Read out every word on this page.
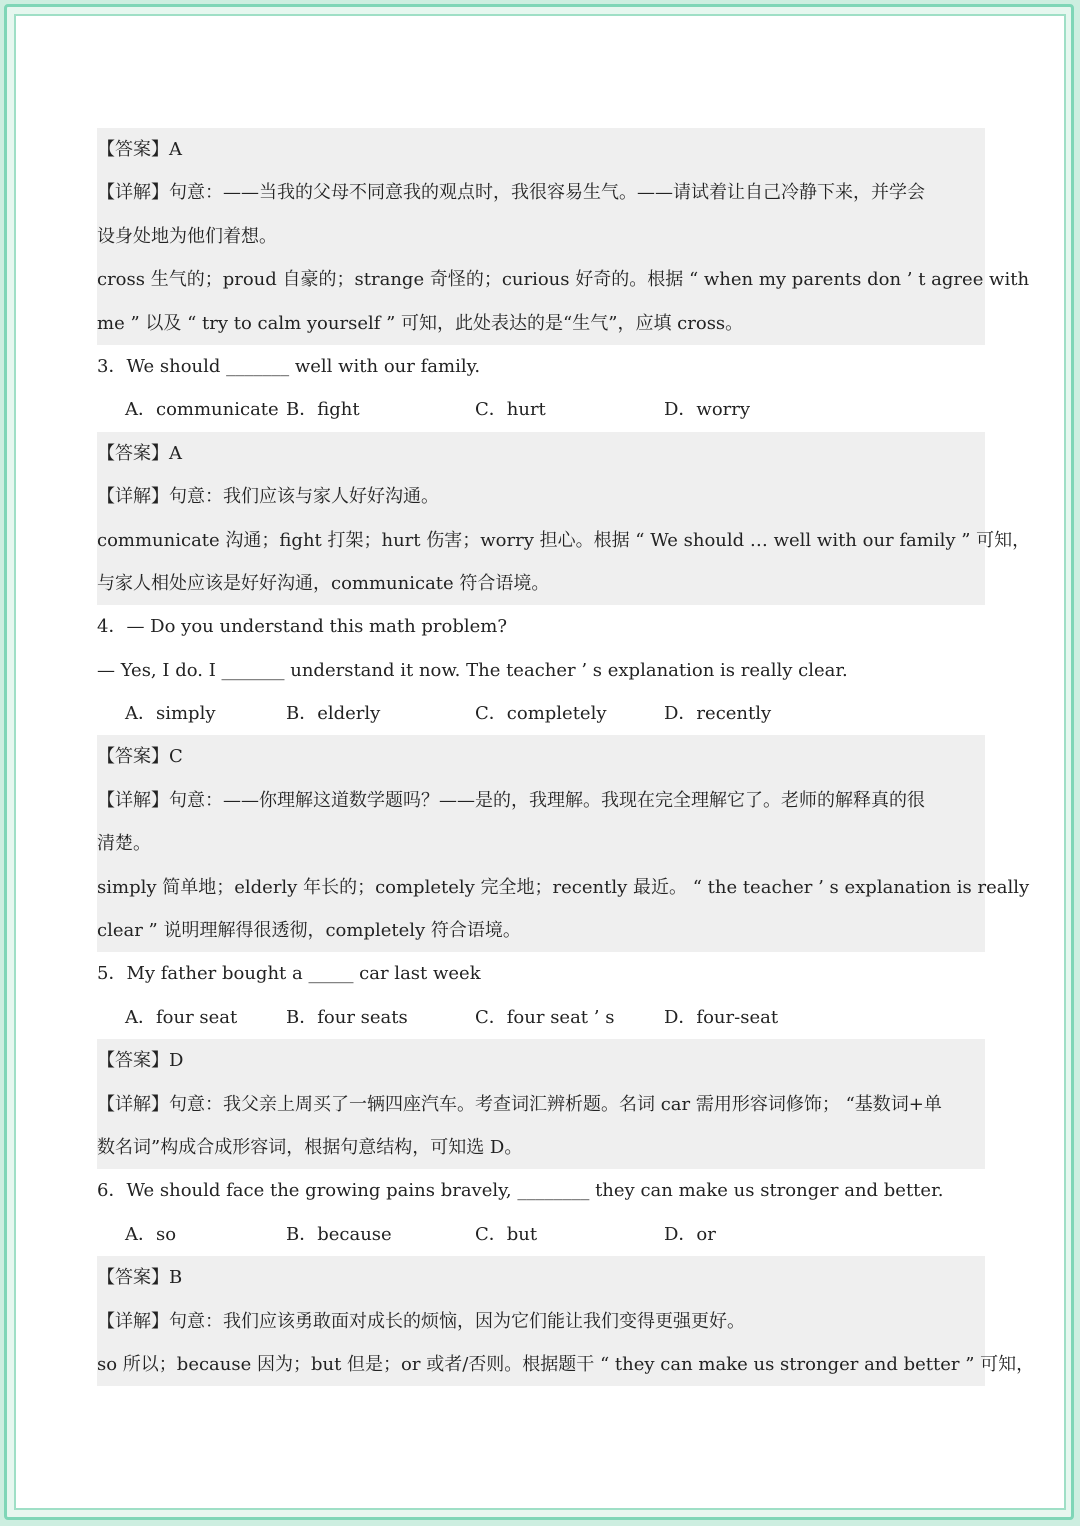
【答案】A
【详解】句意：——当我的父母不同意我的观点时，我很容易生气。——请试着让自己冷静下来，并学会
设身处地为他们着想。
cross 生气的；proud 自豪的；strange 奇怪的；curious 好奇的。根据 “ when my parents don ’ t agree with
me ” 以及 “ try to calm yourself ” 可知，此处表达的是“生气”，应填 cross。
3．We should _______ well with our family.
A．communicate B．fight	C．hurt	D．worry
【答案】A
【详解】句意：我们应该与家人好好沟通。
communicate 沟通；fight 打架；hurt 伤害；worry 担心。根据 “ We should … well with our family ” 可知，
与家人相处应该是好好沟通，communicate 符合语境。
4．— Do you understand this math problem?
— Yes, I do. I _______ understand it now. The teacher ’ s explanation is really clear.
A．simply	B．elderly	C．completely	D．recently
【答案】C
【详解】句意：——你理解这道数学题吗？——是的，我理解。我现在完全理解它了。老师的解释真的很
清楚。
simply 简单地；elderly 年长的；completely 完全地；recently 最近。 “ the teacher ’ s explanation is really
clear ” 说明理解得很透彻，completely 符合语境。
5．My father bought a _____ car last week
A．four seat	B．four seats	C．four seat ’ s	D．four-seat
【答案】D
【详解】句意：我父亲上周买了一辆四座汽车。考查词汇辨析题。名词 car 需用形容词修饰； “基数词+单
数名词”构成合成形容词，根据句意结构，可知选 D。
6．We should face the growing pains bravely, ________ they can make us stronger and better.
A．so	B．because	C．but	D．or
【答案】B
【详解】句意：我们应该勇敢面对成长的烦恼，因为它们能让我们变得更强更好。
so 所以；because 因为；but 但是；or 或者/否则。根据题干 “ they can make us stronger and better ” 可知，
